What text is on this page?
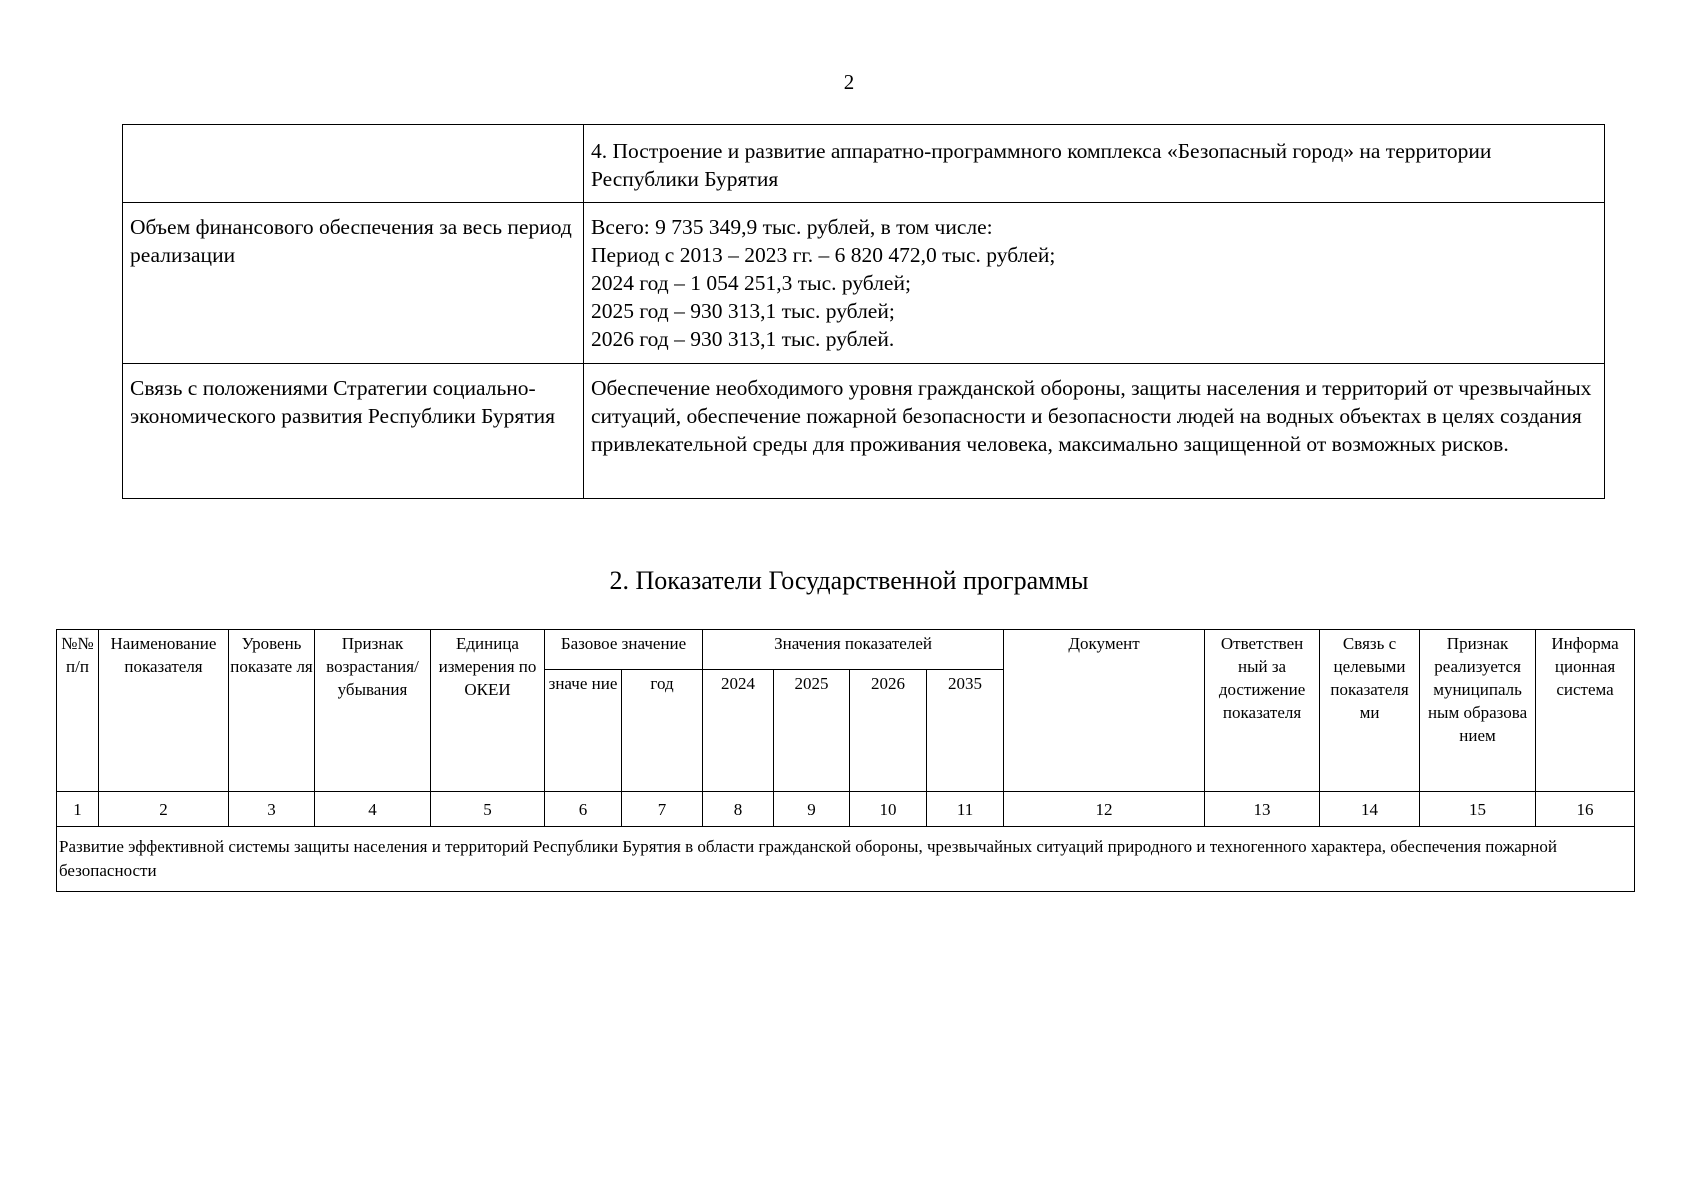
2

	4. Построение и развитие аппаратно-программного комплекса «Безопасный город» на территории Республики Бурятия

Объем финансового обеспечения за весь период реализации	Всего: 9 735 349,9 тыс. рублей, в том числе:

Период с 2013 – 2023 гг. – 6 820 472,0 тыс. рублей;

2024 год – 1 054 251,3 тыс. рублей;

2025 год – 930 313,1 тыс. рублей;

2026 год – 930 313,1 тыс. рублей.

Связь с положениями Стратегии социально-экономического развития Республики Бурятия	Обеспечение необходимого уровня гражданской обороны, защиты населения и территорий от чрезвычайных ситуаций, обеспечение пожарной безопасности и безопасности людей на водных объектах в целях создания привлекательной среды для проживания человека, максимально защищенной от возможных рисков.

2. Показатели Государственной программы
№№ п/п	Наименование показателя	Уровень показате ля	Признак возрастания/ убывания	Единица измерения по ОКЕИ	Базовое значение		Значения показателей				Документ	Ответствен ный за достижение показателя	Связь с целевыми показателя ми	Признак реализуется муниципаль ным образова нием	Информа ционная система
					значе ние	год	2024	2025	2026	2035					
1	2	3	4	5	6	7	8	9	10	11	12	13	14	15	16
Развитие эффективной системы защиты населения и территорий Республики Бурятия в области гражданской обороны, чрезвычайных ситуаций природного и техногенного характера, обеспечения пожарной безопасности															
